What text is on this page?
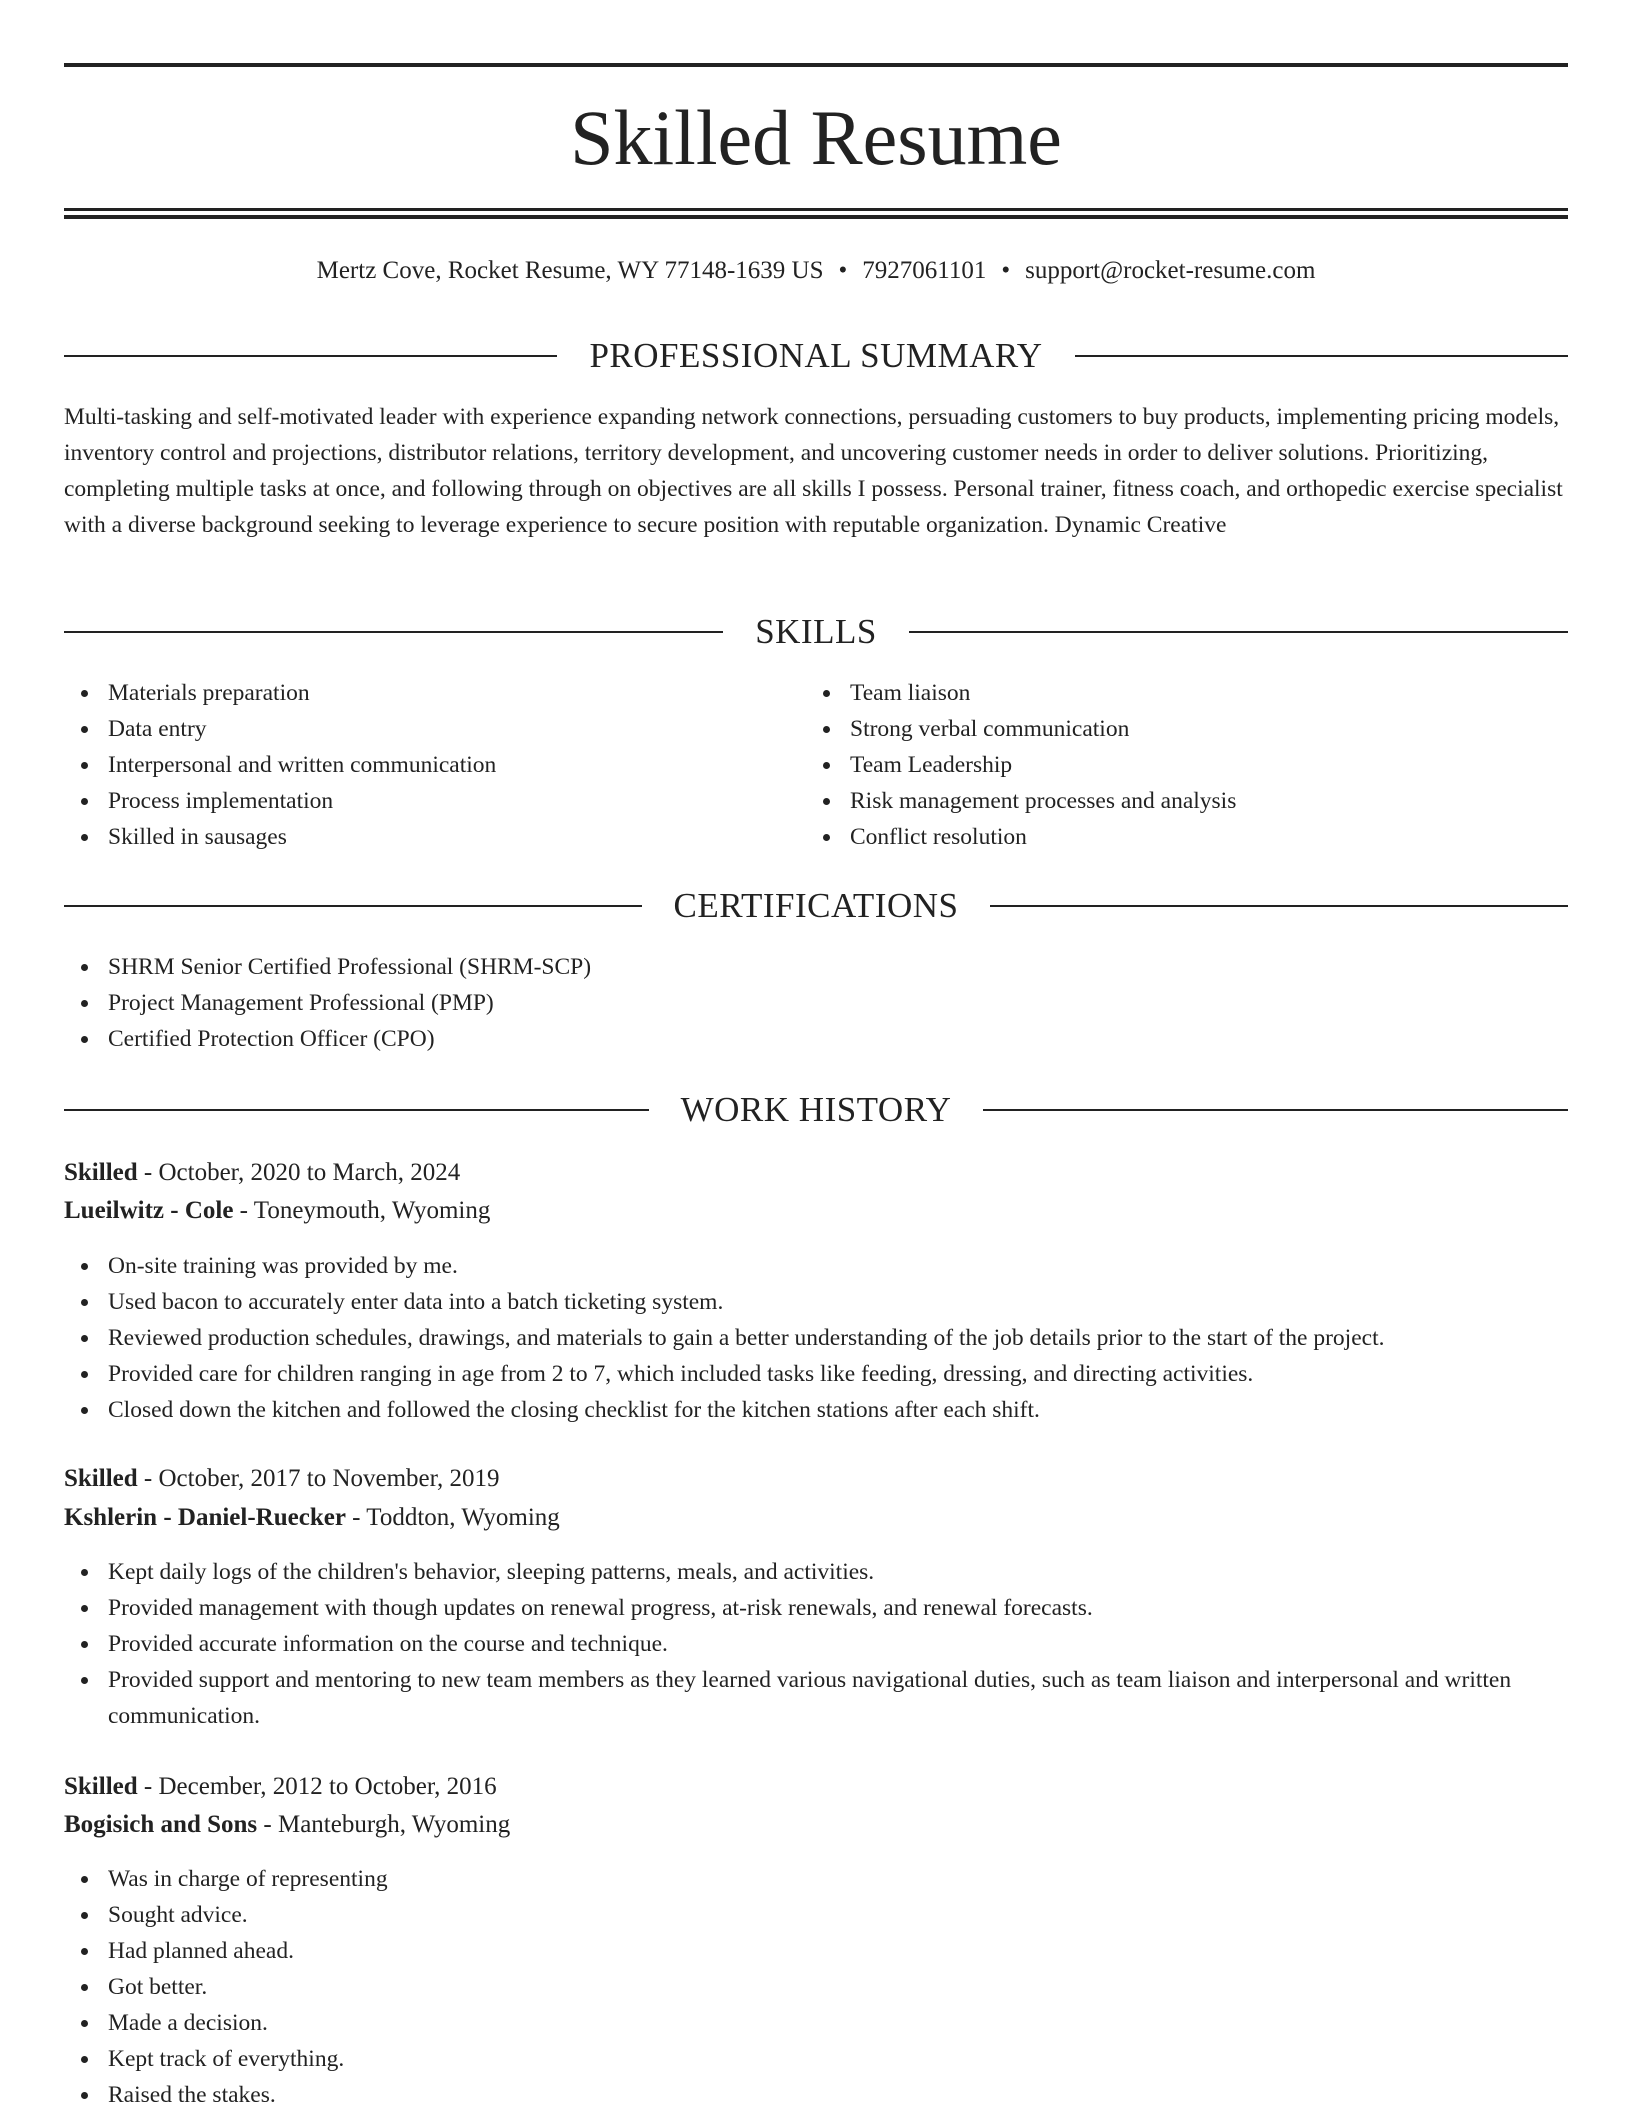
Skilled Resume
Mertz Cove, Rocket Resume, WY 77148-1639 US • 7927061101 • support@rocket-resume.com
PROFESSIONAL SUMMARY

Multi-tasking and self-motivated leader with experience expanding network connections, persuading customers to buy products, implementing pricing models, inventory control and projections, distributor relations, territory development, and uncovering customer needs in order to deliver solutions. Prioritizing, completing multiple tasks at once, and following through on objectives are all skills I possess. Personal trainer, fitness coach, and orthopedic exercise specialist with a diverse background seeking to leverage experience to secure position with reputable organization. Dynamic Creative

SKILLS
Materials preparation
Data entry
Interpersonal and written communication
Process implementation
Skilled in sausages
Team liaison
Strong verbal communication
Team Leadership
Risk management processes and analysis
Conflict resolution
CERTIFICATIONS
SHRM Senior Certified Professional (SHRM-SCP)
Project Management Professional (PMP)
Certified Protection Officer (CPO)
WORK HISTORY
Skilled - October, 2020 to March, 2024
Lueilwitz - Cole - Toneymouth, Wyoming
On-site training was provided by me.
Used bacon to accurately enter data into a batch ticketing system.
Reviewed production schedules, drawings, and materials to gain a better understanding of the job details prior to the start of the project.
Provided care for children ranging in age from 2 to 7, which included tasks like feeding, dressing, and directing activities.
Closed down the kitchen and followed the closing checklist for the kitchen stations after each shift.
Skilled - October, 2017 to November, 2019
Kshlerin - Daniel-Ruecker - Toddton, Wyoming
Kept daily logs of the children's behavior, sleeping patterns, meals, and activities.
Provided management with though updates on renewal progress, at-risk renewals, and renewal forecasts.
Provided accurate information on the course and technique.
Provided support and mentoring to new team members as they learned various navigational duties, such as team liaison and interpersonal and written communication.
Skilled - December, 2012 to October, 2016
Bogisich and Sons - Manteburgh, Wyoming
Was in charge of representing
Sought advice.
Had planned ahead.
Got better.
Made a decision.
Kept track of everything.
Raised the stakes.
